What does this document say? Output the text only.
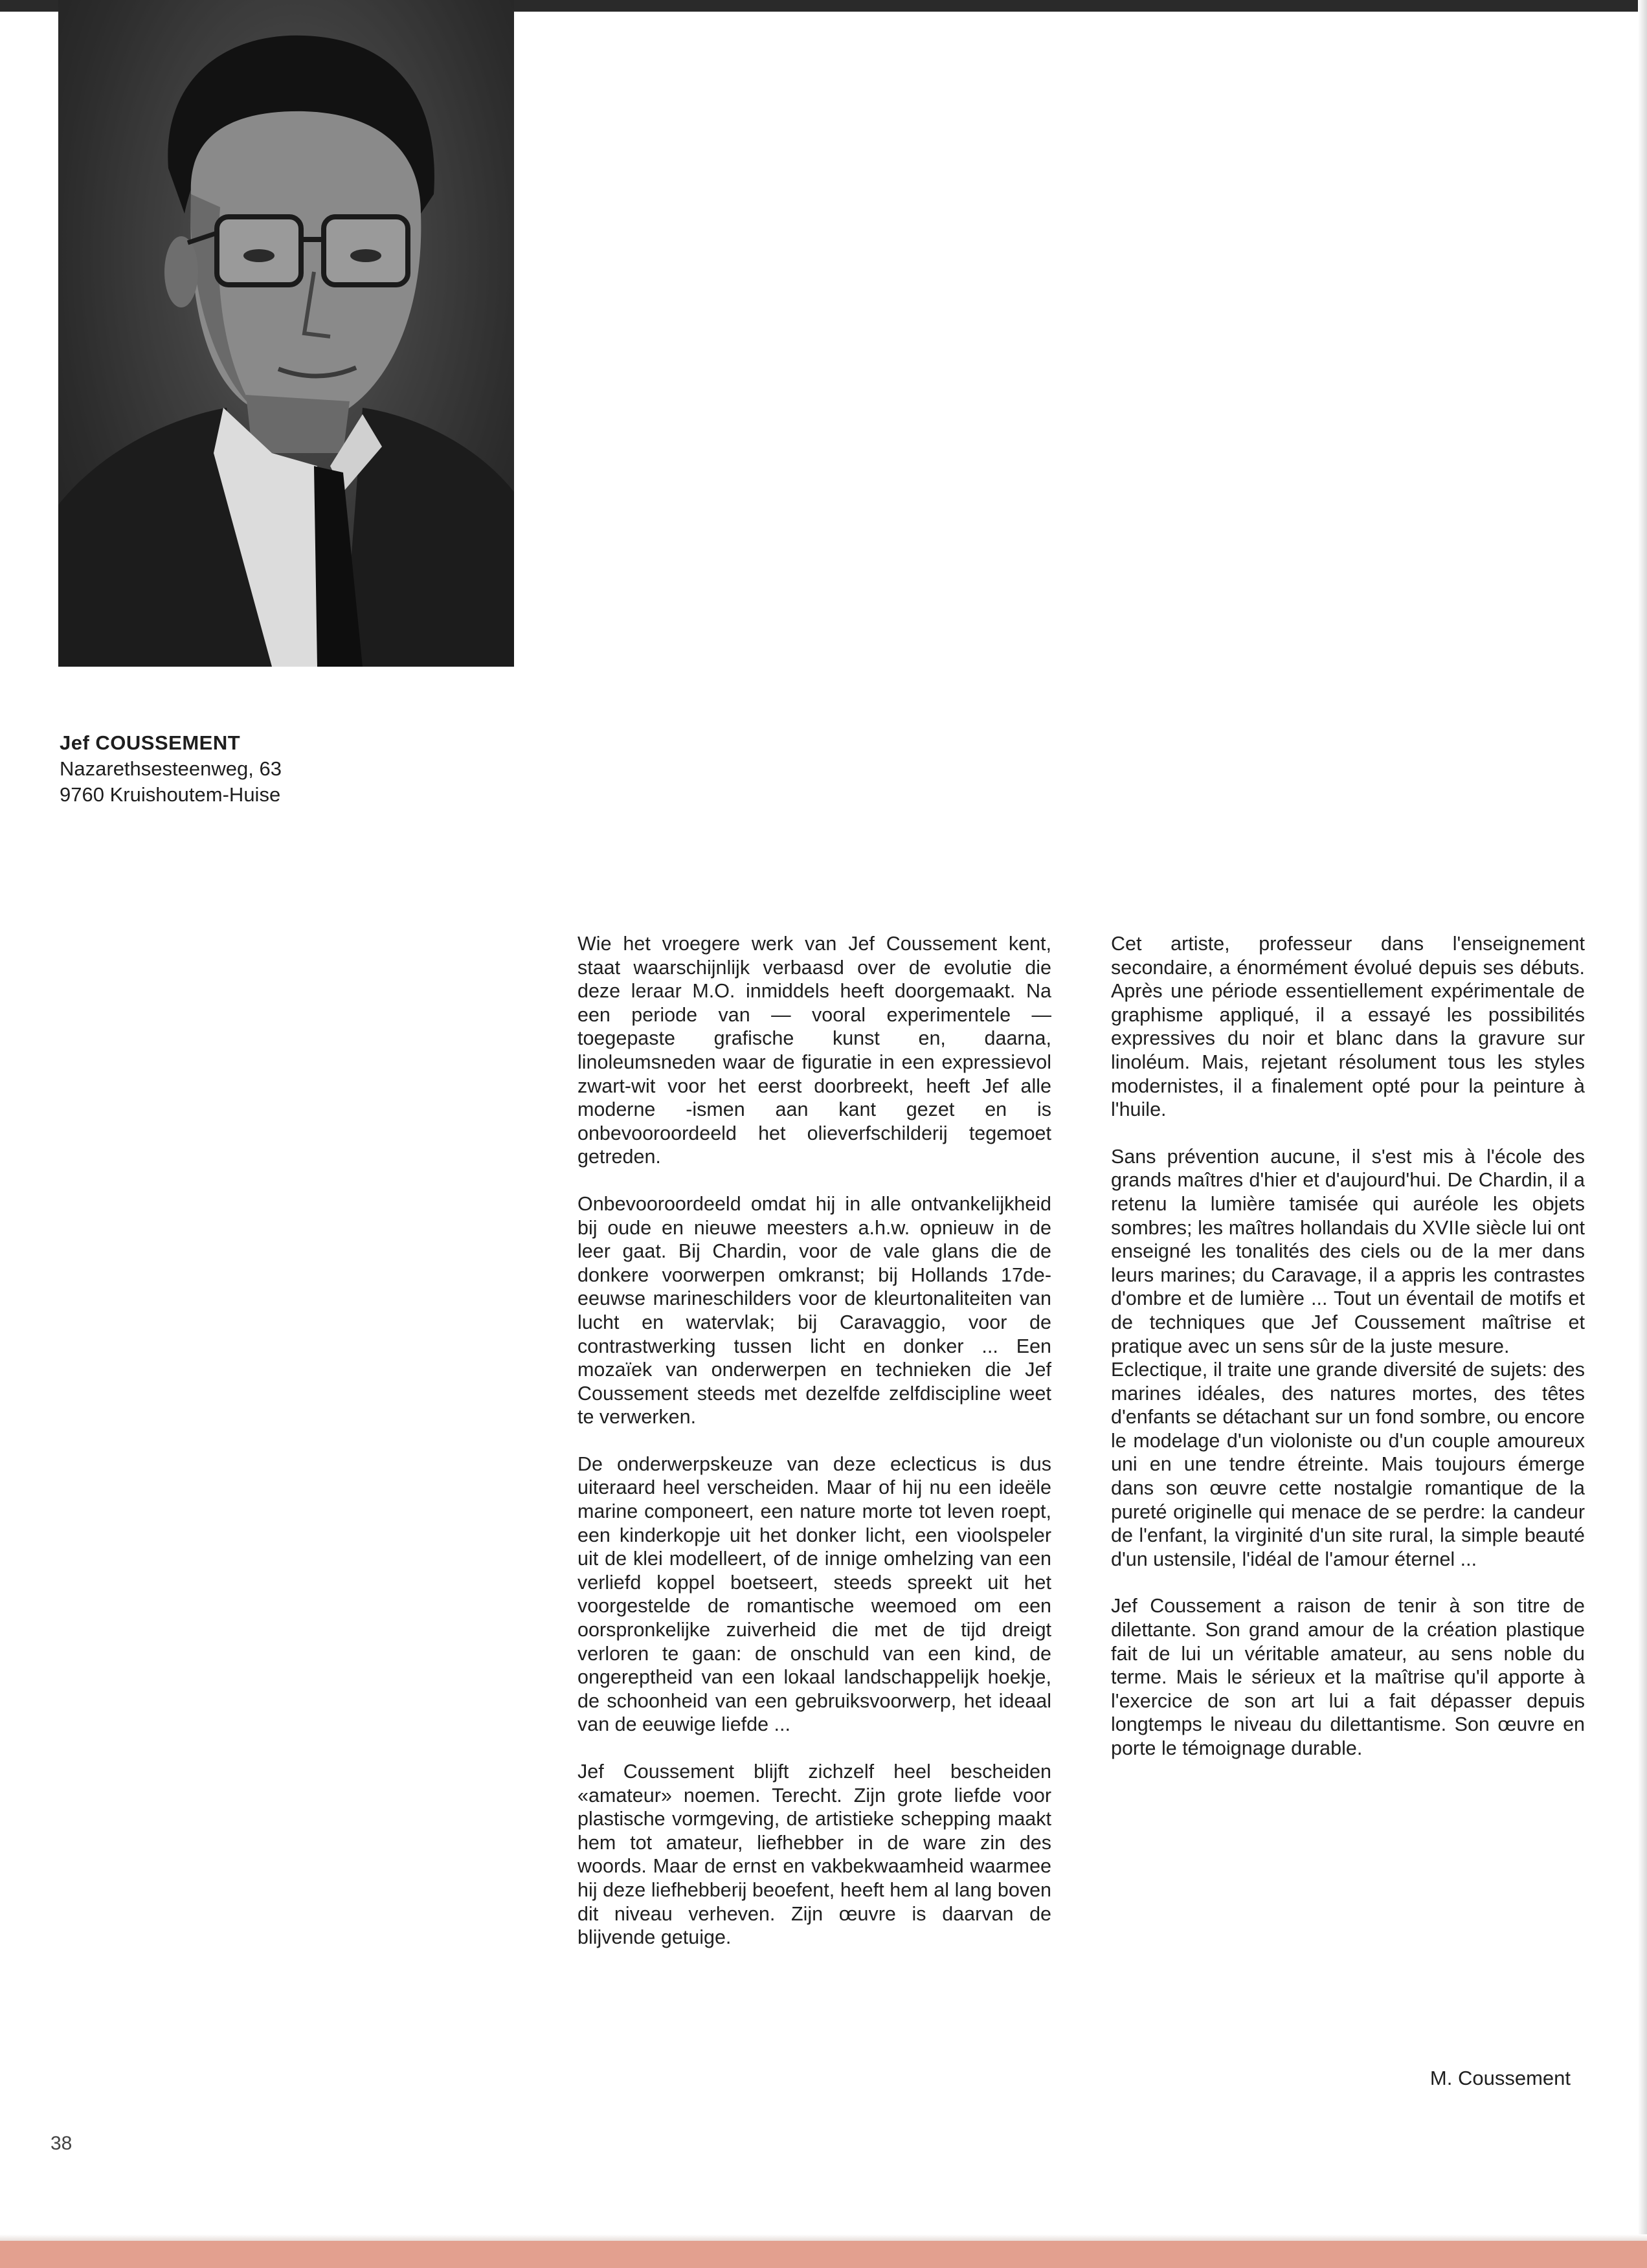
Jef COUSSEMENT
Nazarethsesteenweg, 63
9760 Kruishoutem-Huise

Wie het vroegere werk van Jef Coussement kent, staat waarschijnlijk verbaasd over de evolutie die deze leraar M.O. inmiddels heeft doorgemaakt. Na een periode van — vooral experimentele — toegepaste grafische kunst en, daarna, linoleumsneden waar de figuratie in een expressievol zwart-wit voor het eerst doorbreekt, heeft Jef alle moderne -ismen aan kant gezet en is onbevooroordeeld het olieverfschilderij tegemoet getreden.

Onbevooroordeeld omdat hij in alle ontvankelijkheid bij oude en nieuwe meesters a.h.w. opnieuw in de leer gaat. Bij Chardin, voor de vale glans die de donkere voorwerpen omkranst; bij Hollands 17de-eeuwse marineschilders voor de kleurtonaliteiten van lucht en watervlak; bij Caravaggio, voor de contrastwerking tussen licht en donker ... Een mozaïek van onderwerpen en technieken die Jef Coussement steeds met dezelfde zelfdiscipline weet te verwerken.

De onderwerpskeuze van deze eclecticus is dus uiteraard heel verscheiden. Maar of hij nu een ideële marine componeert, een nature morte tot leven roept, een kinderkopje uit het donker licht, een vioolspeler uit de klei modelleert, of de innige omhelzing van een verliefd koppel boetseert, steeds spreekt uit het voorgestelde de romantische weemoed om een oorspronkelijke zuiverheid die met de tijd dreigt verloren te gaan: de onschuld van een kind, de ongereptheid van een lokaal landschappelijk hoekje, de schoonheid van een gebruiksvoorwerp, het ideaal van de eeuwige liefde ...

Jef Coussement blijft zichzelf heel bescheiden «amateur» noemen. Terecht. Zijn grote liefde voor plastische vormgeving, de artistieke schepping maakt hem tot amateur, liefhebber in de ware zin des woords. Maar de ernst en vakbekwaamheid waarmee hij deze liefhebberij beoefent, heeft hem al lang boven dit niveau verheven. Zijn œuvre is daarvan de blijvende getuige.

Cet artiste, professeur dans l'enseignement secondaire, a énormément évolué depuis ses débuts. Après une période essentiellement expérimentale de graphisme appliqué, il a essayé les possibilités expressives du noir et blanc dans la gravure sur linoléum. Mais, rejetant résolument tous les styles modernistes, il a finalement opté pour la peinture à l'huile.

Sans prévention aucune, il s'est mis à l'école des grands maîtres d'hier et d'aujourd'hui. De Chardin, il a retenu la lumière tamisée qui auréole les objets sombres; les maîtres hollandais du XVIIe siècle lui ont enseigné les tonalités des ciels ou de la mer dans leurs marines; du Caravage, il a appris les contrastes d'ombre et de lumière ... Tout un éventail de motifs et de techniques que Jef Coussement maîtrise et pratique avec un sens sûr de la juste mesure.

Eclectique, il traite une grande diversité de sujets: des marines idéales, des natures mortes, des têtes d'enfants se détachant sur un fond sombre, ou encore le modelage d'un violoniste ou d'un couple amoureux uni en une tendre étreinte. Mais toujours émerge dans son œuvre cette nostalgie romantique de la pureté originelle qui menace de se perdre: la candeur de l'enfant, la virginité d'un site rural, la simple beauté d'un ustensile, l'idéal de l'amour éternel ...

Jef Coussement a raison de tenir à son titre de dilettante. Son grand amour de la création plastique fait de lui un véritable amateur, au sens noble du terme. Mais le sérieux et la maîtrise qu'il apporte à l'exercice de son art lui a fait dépasser depuis longtemps le niveau du dilettantisme. Son œuvre en porte le témoignage durable.

M. Coussement
38
